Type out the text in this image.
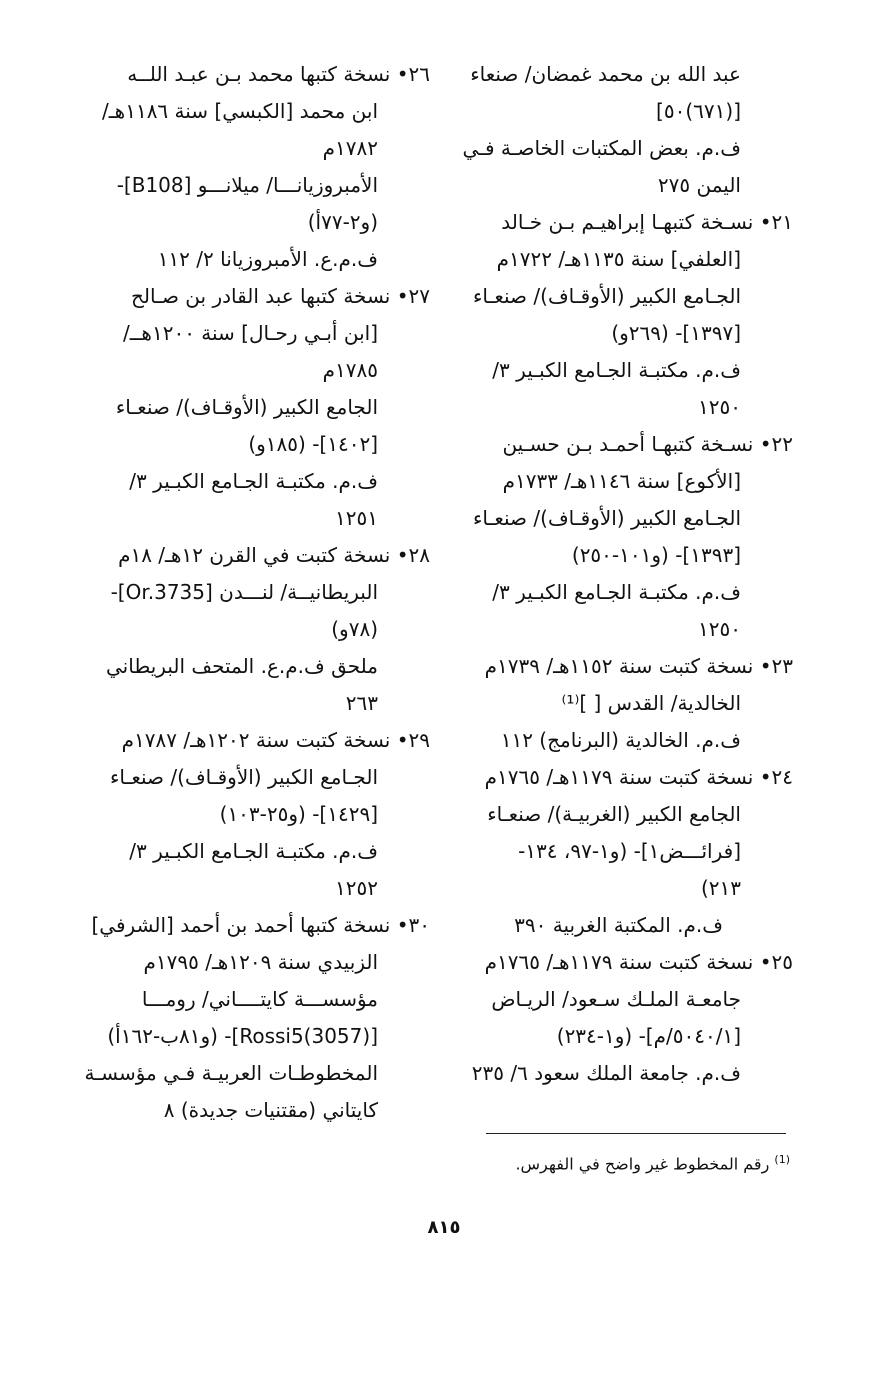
عبد الله بن محمد غمضان/ صنعاء
[(٦٧١)٥٠]
ف.م. بعض المكتبات الخاصـة فـي
اليمن ٢٧٥
٢١• نسـخة كتبهـا إبراهيـم بـن خـالد
[العلفي] سنة ١١٣٥هـ/ ١٧٢٢م
الجـامع الكبير (الأوقـاف)/ صنعـاء
[١٣٩٧]- (٢٦٩و)
ف.م. مكتبـة الجـامع الكبـير ٣/
١٢٥٠
٢٢• نسـخة كتبهـا أحمـد بـن حسـين
[الأكوع] سنة ١١٤٦هـ/ ١٧٣٣م
الجـامع الكبير (الأوقـاف)/ صنعـاء
[١٣٩٣]- (و١٠١-٢٥٠)
ف.م. مكتبـة الجـامع الكبـير ٣/
١٢٥٠
٢٣• نسخة كتبت سنة ١١٥٢هـ/ ١٧٣٩م
الخالدية/ القدس [ ]⁽¹⁾
ف.م. الخالدية (البرنامج) ١١٢
٢٤• نسخة كتبت سنة ١١٧٩هـ/ ١٧٦٥م
الجامع الكبير (الغربيـة)/ صنعـاء
[فرائـــض١]- (و١-٩٧، ١٣٤-
٢١٣)
ف.م. المكتبة الغربية ٣٩٠
٢٥• نسخة كتبت سنة ١١٧٩هـ/ ١٧٦٥م
جامعـة الملـك سـعود/ الريـاض
[٥٠٤٠/١/م]- (و١-٢٣٤)
ف.م. جامعة الملك سعود ٦/ ٢٣٥
٢٦• نسخة كتبها محمد بـن عبـد اللــه
ابن محمد [الكبسي] سنة ١١٨٦هـ/
١٧٨٢م
الأمبروزيانـــا/ ميلانـــو [B108]-
(و٢-٧٧أ)
ف.م.ع. الأمبروزيانا ٢/ ١١٢
٢٧• نسخة كتبها عبد القادر بن صـالح
[ابن أبـي رحـال] سنة ١٢٠٠هــ/
١٧٨٥م
الجامع الكبير (الأوقـاف)/ صنعـاء
[١٤٠٢]- (١٨٥و)
ف.م. مكتبـة الجـامع الكبـير ٣/
١٢٥١
٢٨• نسخة كتبت في القرن ١٢هـ/ ١٨م
البريطانيــة/ لنـــدن [Or.3735]-
(٧٨و)
ملحق ف.م.ع. المتحف البريطاني
٢٦٣
٢٩• نسخة كتبت سنة ١٢٠٢هـ/ ١٧٨٧م
الجـامع الكبير (الأوقـاف)/ صنعـاء
[١٤٢٩]- (و٢٥-١٠٣)
ف.م. مكتبـة الجـامع الكبـير ٣/
١٢٥٢
٣٠• نسخة كتبها أحمد بن أحمد [الشرفي]
الزبيدي سنة ١٢٠٩هـ/ ١٧٩٥م
مؤسســـة كايتــــاني/ رومـــا
[Rossi5(3057)]- (و٨١ب-١٦٢أ)
المخطوطـات العربيـة فـي مؤسسـة
كايتاني (مقتنيات جديدة) ٨
$^{(1)}$ رقم المخطوط غير واضح في الفهرس.
٨١٥
